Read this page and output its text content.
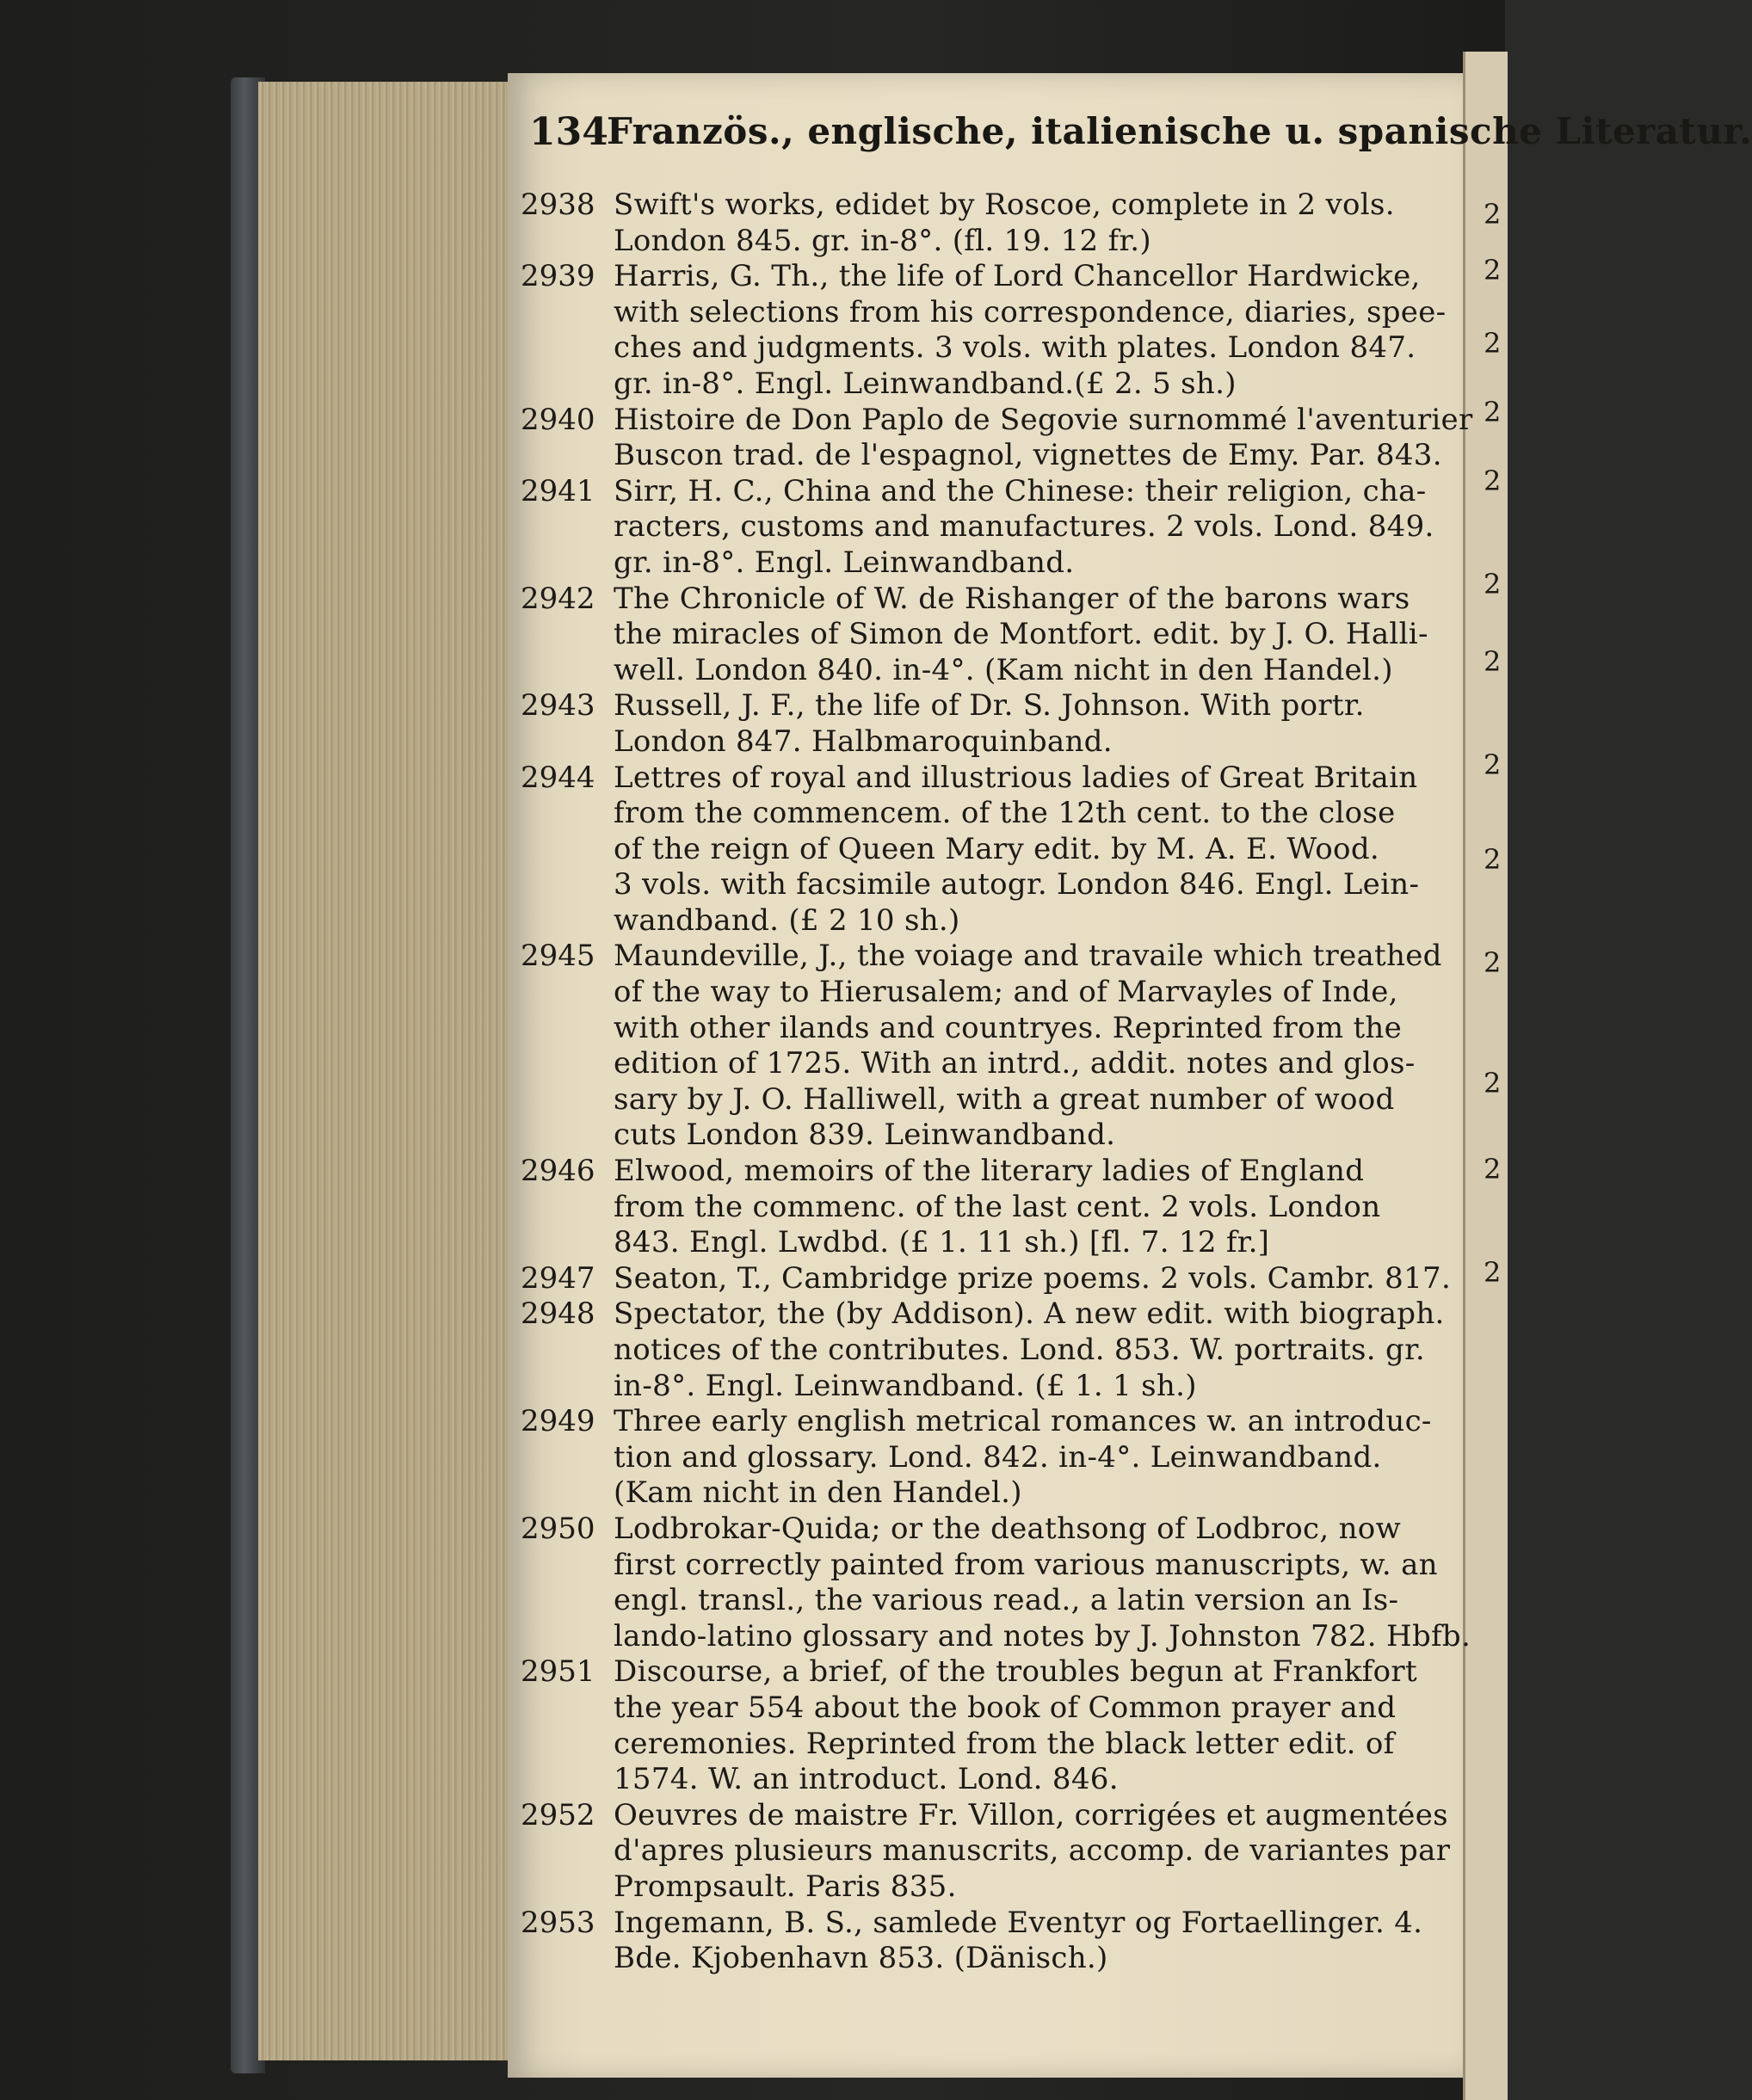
134
Französ., englische, italienische u. spanische Literatur.
2938 Swift's works, edidet by Roscoe, complete in 2 vols.
London 845. gr. in-8°. (fl. 19. 12 fr.)
2939 Harris, G. Th., the life of Lord Chancellor Hardwicke,
with selections from his correspondence, diaries, spee-
ches and judgments. 3 vols. with plates. London 847.
gr. in-8°. Engl. Leinwandband.(£ 2. 5 sh.)
2940 Histoire de Don Paplo de Segovie surnommé l'aventurier
Buscon trad. de l'espagnol, vignettes de Emy. Par. 843.
2941 Sirr, H. C., China and the Chinese: their religion, cha-
racters, customs and manufactures. 2 vols. Lond. 849.
gr. in-8°. Engl. Leinwandband.
2942 The Chronicle of W. de Rishanger of the barons wars
the miracles of Simon de Montfort. edit. by J. O. Halli-
well. London 840. in-4°. (Kam nicht in den Handel.)
2943 Russell, J. F., the life of Dr. S. Johnson. With portr.
London 847. Halbmaroquinband.
2944 Lettres of royal and illustrious ladies of Great Britain
from the commencem. of the 12th cent. to the close
of the reign of Queen Mary edit. by M. A. E. Wood.
3 vols. with facsimile autogr. London 846. Engl. Lein-
wandband. (£ 2 10 sh.)
2945 Maundeville, J., the voiage and travaile which treathed
of the way to Hierusalem; and of Marvayles of Inde,
with other ilands and countryes. Reprinted from the
edition of 1725. With an intrd., addit. notes and glos-
sary by J. O. Halliwell, with a great number of wood
cuts London 839. Leinwandband.
2946 Elwood, memoirs of the literary ladies of England
from the commenc. of the last cent. 2 vols. London
843. Engl. Lwdbd. (£ 1. 11 sh.) [fl. 7. 12 fr.]
2947 Seaton, T., Cambridge prize poems. 2 vols. Cambr. 817.
2948 Spectator, the (by Addison). A new edit. with biograph.
notices of the contributes. Lond. 853. W. portraits. gr.
in-8°. Engl. Leinwandband. (£ 1. 1 sh.)
2949 Three early english metrical romances w. an introduc-
tion and glossary. Lond. 842. in-4°. Leinwandband.
(Kam nicht in den Handel.)
2950 Lodbrokar-Quida; or the deathsong of Lodbroc, now
first correctly painted from various manuscripts, w. an
engl. transl., the various read., a latin version an Is-
lando-latino glossary and notes by J. Johnston 782. Hbfb.
2951 Discourse, a brief, of the troubles begun at Frankfort
the year 554 about the book of Common prayer and
ceremonies. Reprinted from the black letter edit. of
1574. W. an introduct. Lond. 846.
2952 Oeuvres de maistre Fr. Villon, corrigées et augmentées
d'apres plusieurs manuscrits, accomp. de variantes par
Prompsault. Paris 835.
2953 Ingemann, B. S., samlede Eventyr og Fortaellinger. 4.
Bde. Kjobenhavn 853. (Dänisch.)
2
2
2
2
2
2
2
2
2
2
2
2
2
